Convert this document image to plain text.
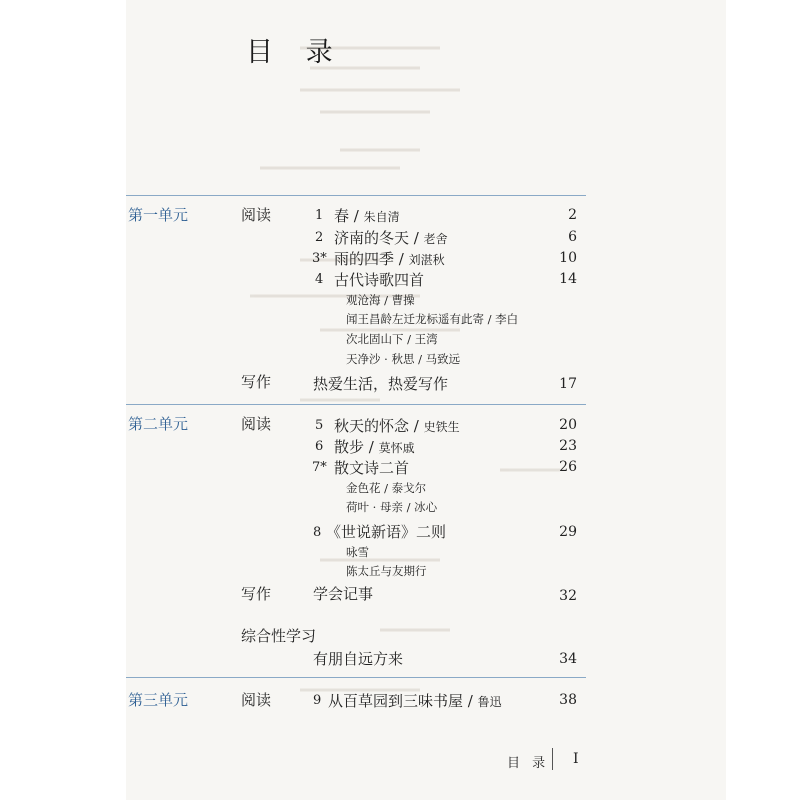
目 录
第一单元	阅读	1 春 / 朱自清	2
2 济南的冬天 / 老舍	6
3* 雨的四季 / 刘湛秋	10
4 古代诗歌四首	14
观沧海 / 曹操
闻王昌龄左迁龙标遥有此寄 / 李白
次北固山下 / 王湾
天净沙 · 秋思 / 马致远
写作	热爱生活，热爱写作	17
第二单元	阅读	5 秋天的怀念 / 史铁生	20
6 散步 / 莫怀戚	23
7* 散文诗二首	26
金色花 / 泰戈尔
荷叶 · 母亲 / 冰心
8 《世说新语》二则	29
咏雪
陈太丘与友期行
写作	学会记事	32
综合性学习
有朋自远方来	34
第三单元	阅读	9 从百草园到三味书屋 / 鲁迅	38
目 录 I
